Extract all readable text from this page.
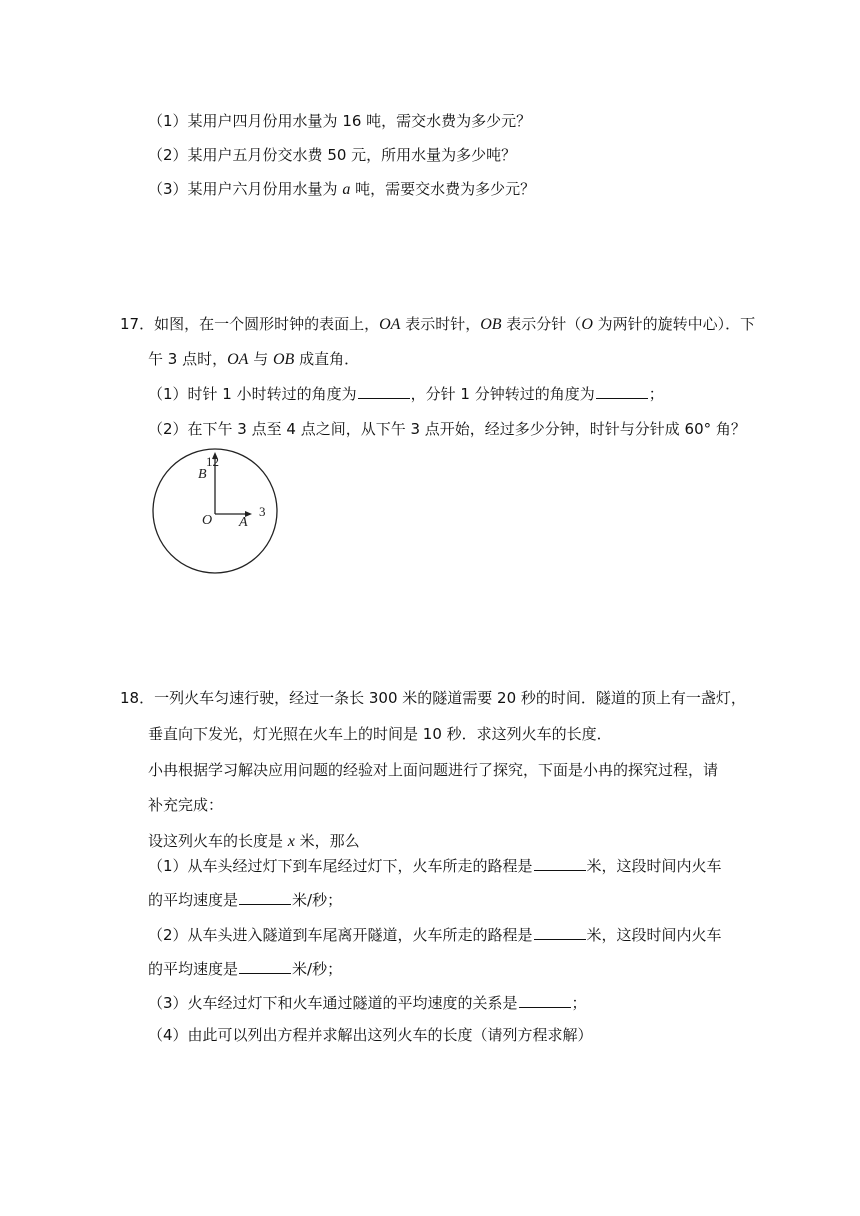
（1）某用户四月份用水量为 16 吨，需交水费为多少元？
（2）某用户五月份交水费 50 元，所用水量为多少吨？
（3）某用户六月份用水量为 a 吨，需要交水费为多少元？
17．如图，在一个圆形时钟的表面上，OA 表示时针，OB 表示分针（O 为两针的旋转中心）．下
午 3 点时，OA 与 OB 成直角．
（1）时针 1 小时转过的角度为	，分针 1 分钟转过的角度为	；
（2）在下午 3 点至 4 点之间，从下午 3 点开始，经过多少分钟，时针与分针成 60° 角？
12
B
3
O A
18．一列火车匀速行驶，经过一条长 300 米的隧道需要 20 秒的时间．隧道的顶上有一盏灯，
垂直向下发光，灯光照在火车上的时间是 10 秒．求这列火车的长度．
小冉根据学习解决应用问题的经验对上面问题进行了探究，下面是小冉的探究过程，请
补充完成：
设这列火车的长度是 x 米，那么
（1）从车头经过灯下到车尾经过灯下，火车所走的路程是	米，这段时间内火车
的平均速度是	米/秒；
（2）从车头进入隧道到车尾离开隧道，火车所走的路程是	米，这段时间内火车
的平均速度是	米/秒；
（3）火车经过灯下和火车通过隧道的平均速度的关系是	；
（4）由此可以列出方程并求解出这列火车的长度（请列方程求解）
